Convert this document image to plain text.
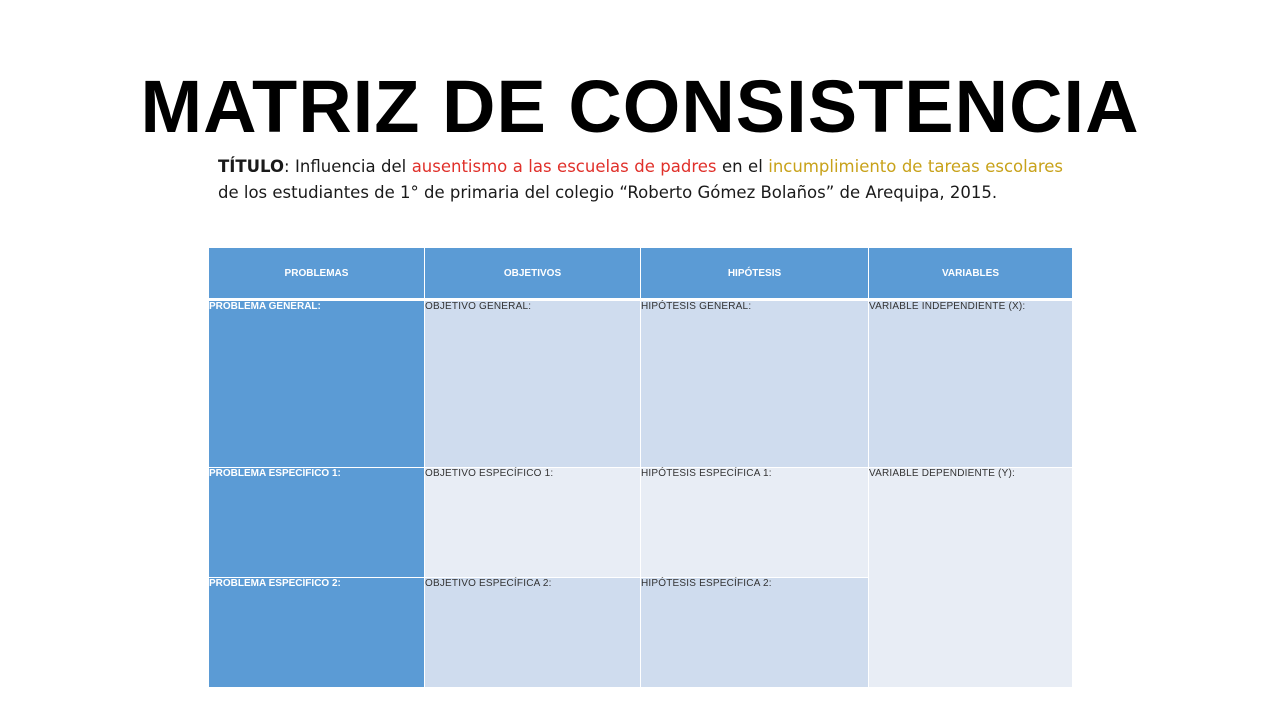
MATRIZ DE CONSISTENCIA
TÍTULO: Influencia del ausentismo a las escuelas de padres en el incumplimiento de tareas escolares de los estudiantes de 1° de primaria del colegio “Roberto Gómez Bolaños” de Arequipa, 2015.
PROBLEMAS	OBJETIVOS	HIPÓTESIS	VARIABLES
PROBLEMA GENERAL:	OBJETIVO GENERAL:	HIPÓTESIS GENERAL:	VARIABLE INDEPENDIENTE (X):
PROBLEMA ESPECÍFICO 1:	OBJETIVO ESPECÍFICO 1:	HIPÓTESIS ESPECÍFICA 1:	VARIABLE DEPENDIENTE (Y):
PROBLEMA ESPECÍFICO 2:	OBJETIVO ESPECÍFICA 2:	HIPÓTESIS ESPECÍFICA 2:	
